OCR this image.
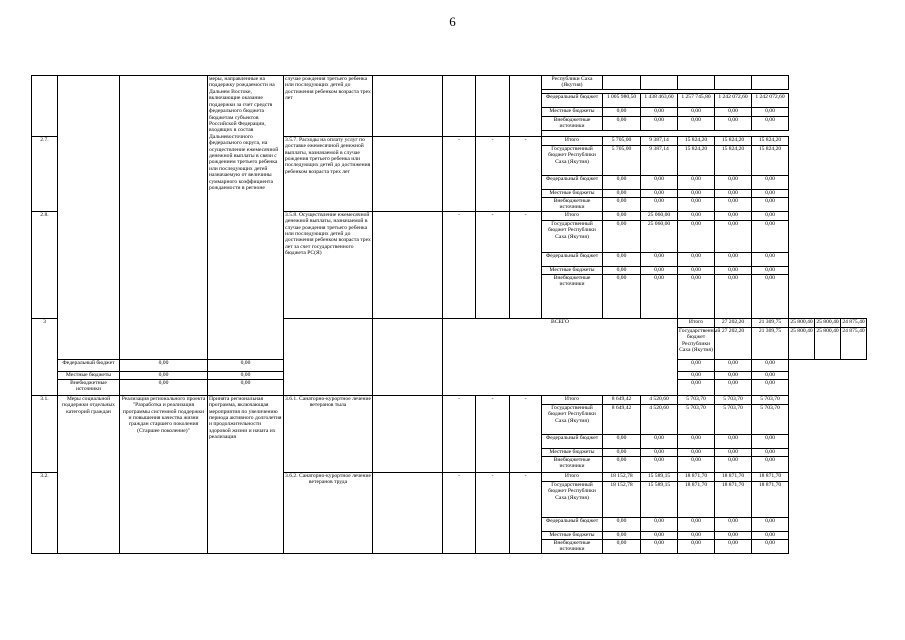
6
			меры, направленные на поддержку рождаемости на Дальнем Востоке, включающие оказание поддержки за счет средств федерального бюджета бюджетам субъектов Российской Федерации, входящих в состав Дальневосточного федерального округа, на осуществление ежемесячной денежной выплаты в связи с рождением третьего ребенка или последующих детей назначаемую от величины суммарного коэффициента рождаемости в регионе	случае рождения третьего ребенка или последующих детей до достижения ребенком возраста трех лет					Республики Саха (Якутия)								

									Федеральный бюджет	1 005 980,50	1 438 463,60	1 257 745,80	1 242 072,60	1 242 072,60			
									Местные бюджеты	0,00	0,00	0,00	0,00	0,00			
									Внебюджетные источники	0,00	0,00	0,00	0,00	0,00			

2.7.				3.5.7. Расходы на оплату услуг по доставке ежемесячной денежной выплаты, назначаемой в случае рождения третьего ребенка или последующих детей до достижения ребенком возраста трех лет		-	-	-	Итого	5 705,00	9 387,14	15 824,20	15 824,20	15 824,20			
									Государственный бюджет Республики Саха (Якутия)	5 705,00	9 387,14	15 824,20	15 824,20	15 824,20			
									Федеральный бюджет	0,00	0,00	0,00	0,00	0,00			
									Местные бюджеты	0,00	0,00	0,00	0,00	0,00			
									Внебюджетные источники	0,00	0,00	0,00	0,00	0,00			

2.8.				3.5.8. Осуществление ежемесячной денежной выплаты, назначаемой в случае рождения третьего ребенка или последующих детей до достижения ребенком возраста трех лет за счет государственного бюджета РС(Я)		-	-	-	Итого	0,00	25 060,00	0,00	0,00	0,00			
									Государственный бюджет Республики Саха (Якутия)	0,00	25 060,00	0,00	0,00	0,00			
									Федеральный бюджет	0,00	0,00	0,00	0,00	0,00			
									Местные бюджеты	0,00	0,00	0,00	0,00	0,00			
									Внебюджетные источники	0,00	0,00	0,00	0,00	0,00			

3						ВСЕГО						Итого	27 202,20	21 309,75	25 800,40	25 800,40	24 875,40
												Государственный бюджет Республики Саха (Якутия)	27 202,20	21 309,75	25 800,40	25 800,40	24 875,40
	Федеральный бюджет	0,00	0,00									0,00	0,00	0,00			
	Местные бюджеты	0,00	0,00									0,00	0,00	0,00			
	Внебюджетные источники	0,00	0,00									0,00	0,00	0,00			
3.1.	Меры социальной поддержки отдельных категорий граждан	Реализация регионального проекта "Разработка и реализация программы системной поддержки и повышения качества жизни граждан старшего поколения (Старшее поколение)"	Принята региональная программа, включающая мероприятия по увеличению периода активного долголетия и продолжительности здоровой жизни и начата их реализация	3.6.1. Санаторно-курортное лечение ветеранов тыла		-	-	-	Итого	8 649,42	4 520,60	5 703,70	5 703,70	5 703,70			
									Государственный бюджет Республики Саха (Якутия)	8 649,42	4 520,60	5 703,70	5 703,70	5 703,70			
									Федеральный бюджет	0,00	0,00	0,00	0,00	0,00			
									Местные бюджеты	0,00	0,00	0,00	0,00	0,00			
									Внебюджетные источники	0,00	0,00	0,00	0,00	0,00			
3.2.				3.6.2. Санаторно-курортное лечение ветеранов труда		-	-	-	Итого	18 152,78	15 589,15	18 871,70	18 871,70	18 871,70			
									Государственный бюджет Республики Саха (Якутия)	18 152,78	15 589,15	18 871,70	18 871,70	18 871,70			
									Федеральный бюджет	0,00	0,00	0,00	0,00	0,00			
									Местные бюджеты	0,00	0,00	0,00	0,00	0,00			
									Внебюджетные источники	0,00	0,00	0,00	0,00	0,00			
